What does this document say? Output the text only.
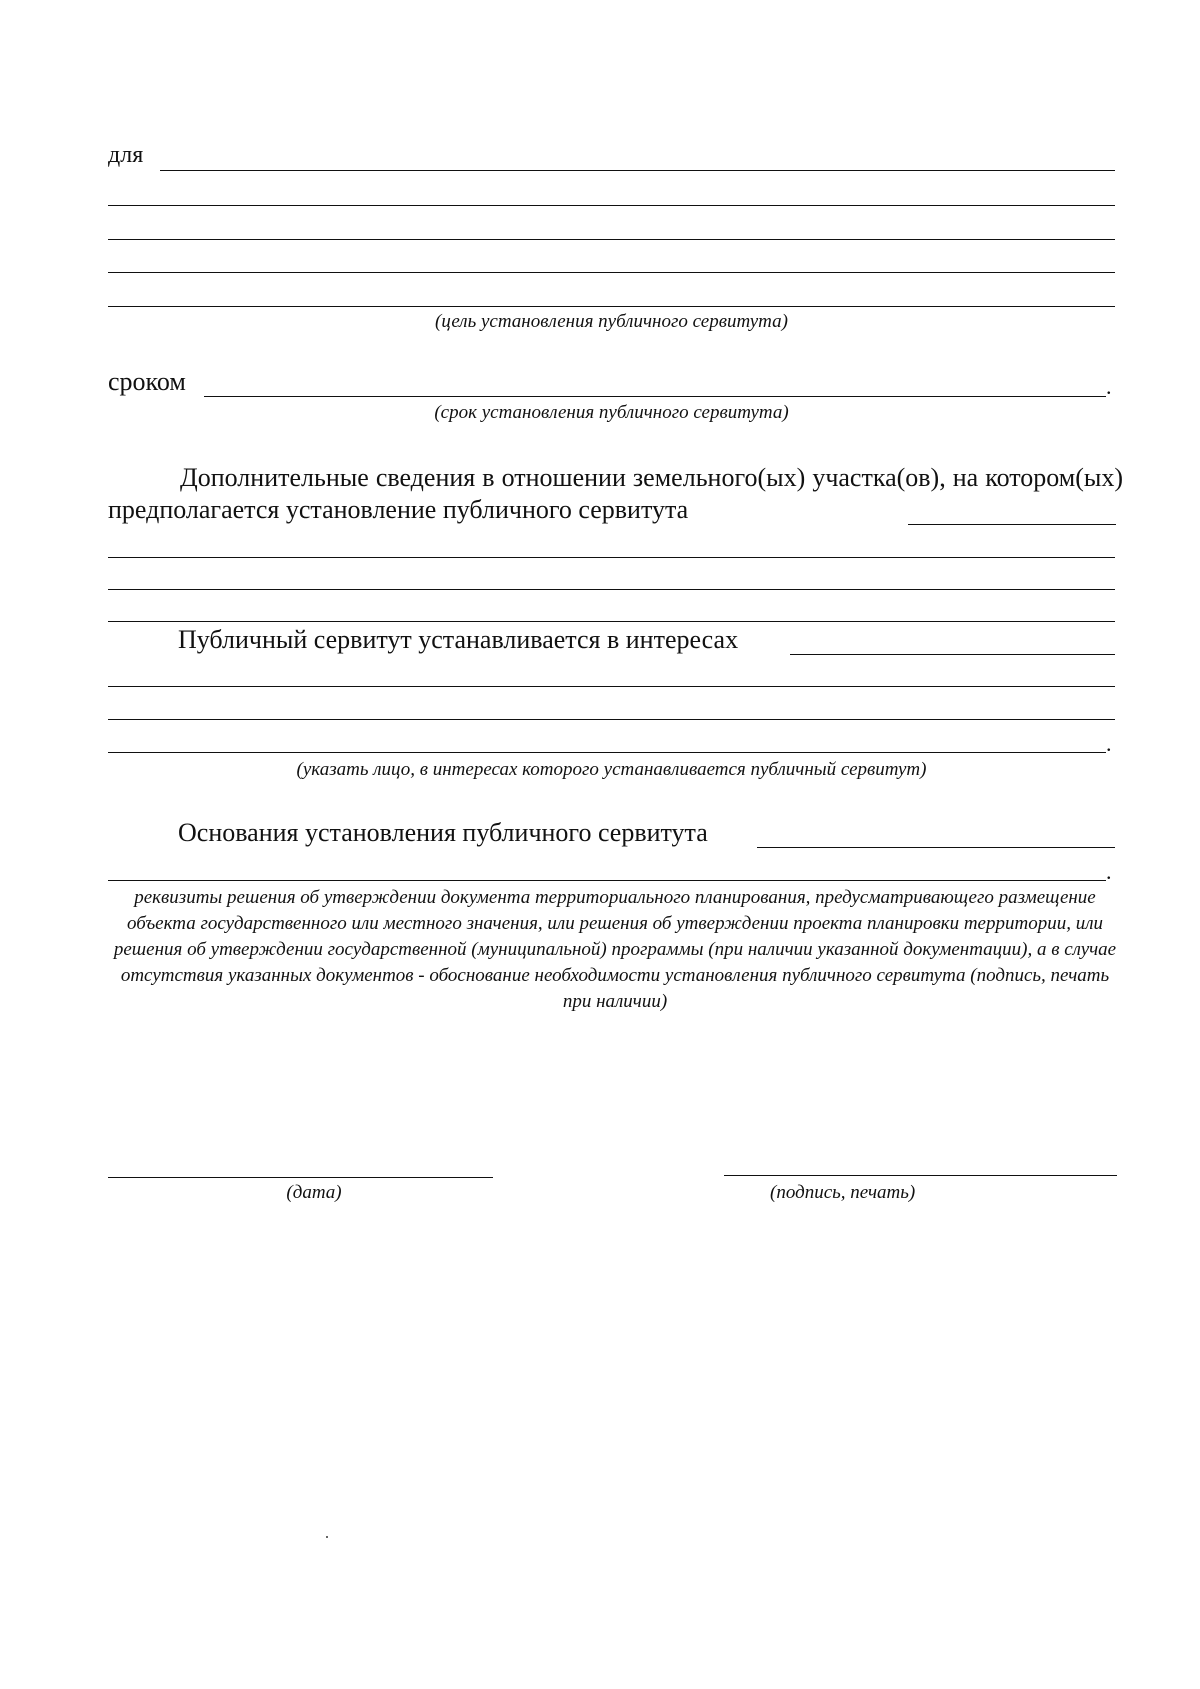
для
(цель установления публичного сервитута)
сроком	.
(срок установления публичного сервитута)
Дополнительные сведения в отношении земельного(ых) участка(ов), на котором(ых) предполагается установление публичного сервитута
Публичный сервитут устанавливается в интересах
.
(указать лицо, в интересах которого устанавливается публичный сервитут)
Основания установления публичного сервитута
.
реквизиты решения об утверждении документа территориального планирования, предусматривающего размещение объекта государственного или местного значения, или решения об утверждении проекта планировки территории, или решения об утверждении государственной (муниципальной) программы (при наличии указанной документации), а в случае отсутствия указанных документов - обоснование необходимости установления публичного сервитута (подпись, печать при наличии)
(дата)	(подпись, печать)
